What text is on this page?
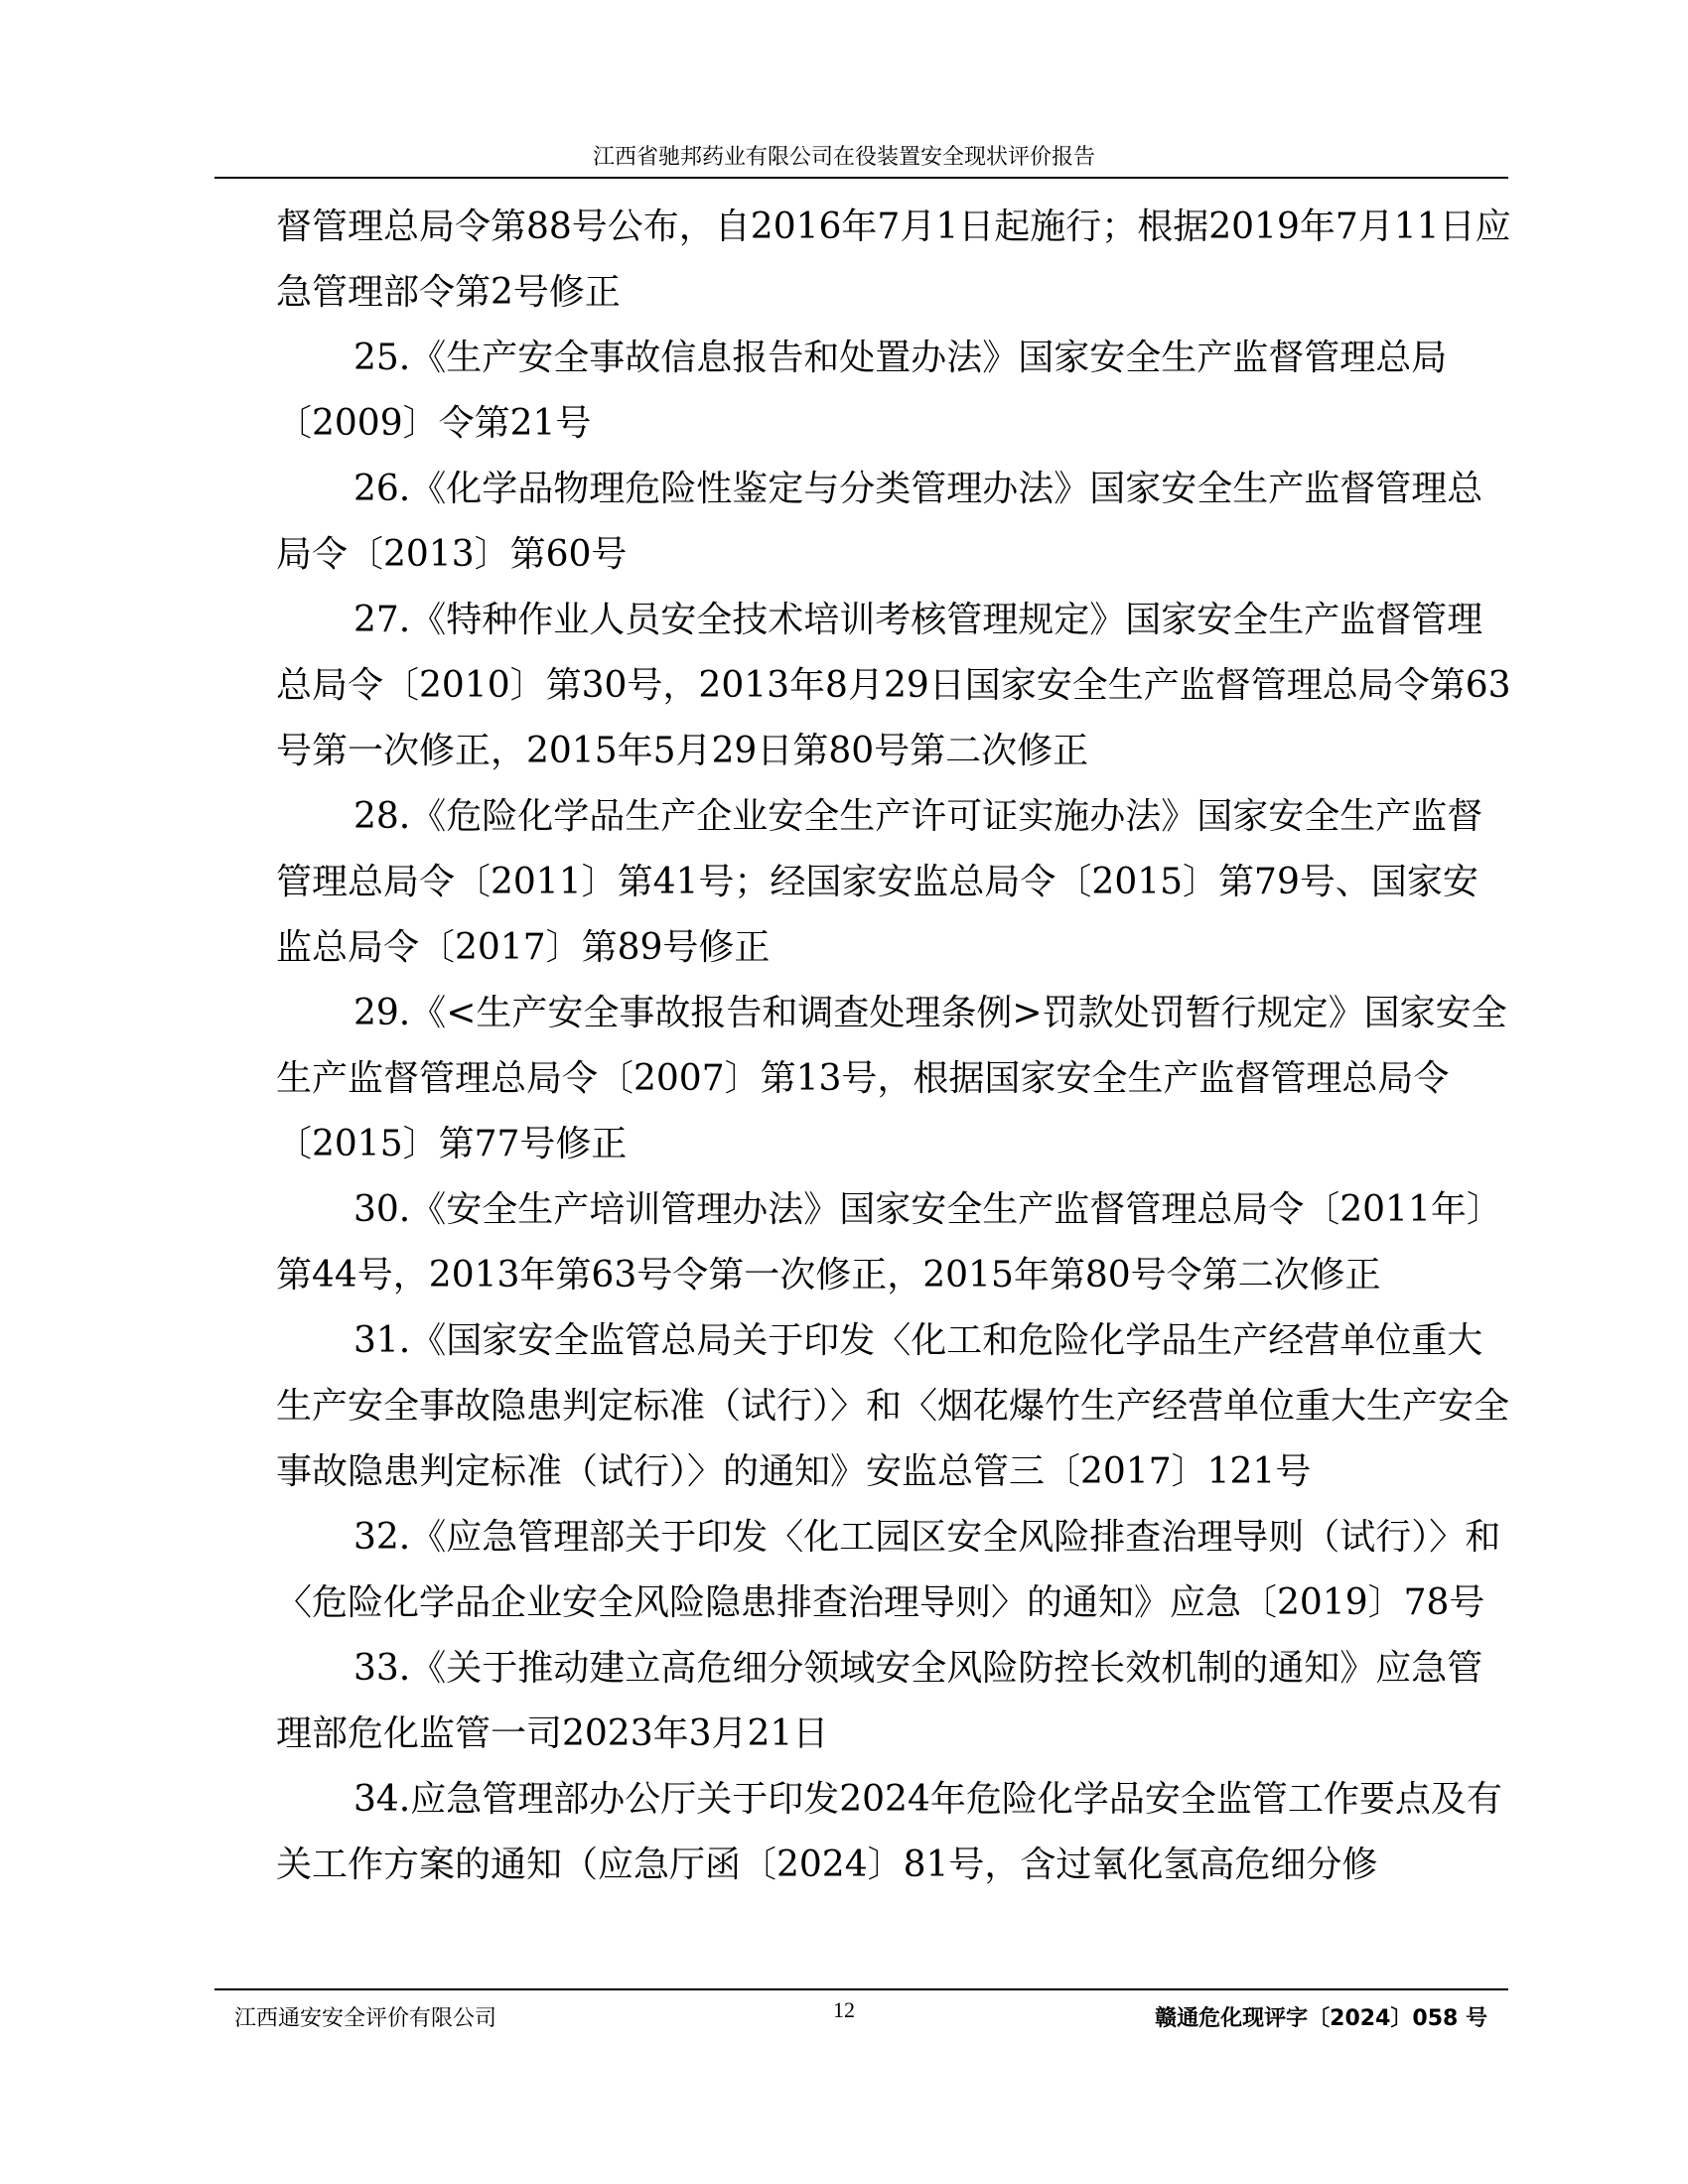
江西省驰邦药业有限公司在役装置安全现状评价报告

督管理总局令第88号公布，自2016年7月1日起施行；根据2019年7月11日应急管理部令第2号修正

25.《生产安全事故信息报告和处置办法》国家安全生产监督管理总局〔2009〕令第21号

26.《化学品物理危险性鉴定与分类管理办法》国家安全生产监督管理总局令〔2013〕第60号

27.《特种作业人员安全技术培训考核管理规定》国家安全生产监督管理总局令〔2010〕第30号，2013年8月29日国家安全生产监督管理总局令第63号第一次修正，2015年5月29日第80号第二次修正

28.《危险化学品生产企业安全生产许可证实施办法》国家安全生产监督管理总局令〔2011〕第41号；经国家安监总局令〔2015〕第79号、国家安监总局令〔2017〕第89号修正

29.《<生产安全事故报告和调查处理条例>罚款处罚暂行规定》国家安全生产监督管理总局令〔2007〕第13号，根据国家安全生产监督管理总局令〔2015〕第77号修正

30.《安全生产培训管理办法》国家安全生产监督管理总局令〔2011年〕第44号，2013年第63号令第一次修正，2015年第80号令第二次修正

31.《国家安全监管总局关于印发〈化工和危险化学品生产经营单位重大生产安全事故隐患判定标准（试行）〉和〈烟花爆竹生产经营单位重大生产安全事故隐患判定标准（试行）〉的通知》安监总管三〔2017〕121号

32.《应急管理部关于印发〈化工园区安全风险排查治理导则（试行）〉和〈危险化学品企业安全风险隐患排查治理导则〉的通知》应急〔2019〕78号

33.《关于推动建立高危细分领域安全风险防控长效机制的通知》应急管理部危化监管一司2023年3月21日

34.应急管理部办公厅关于印发2024年危险化学品安全监管工作要点及有关工作方案的通知（应急厅函〔2024〕81号，含过氧化氢高危细分修

江西通安安全评价有限公司	12	赣通危化现评字〔2024〕058 号
